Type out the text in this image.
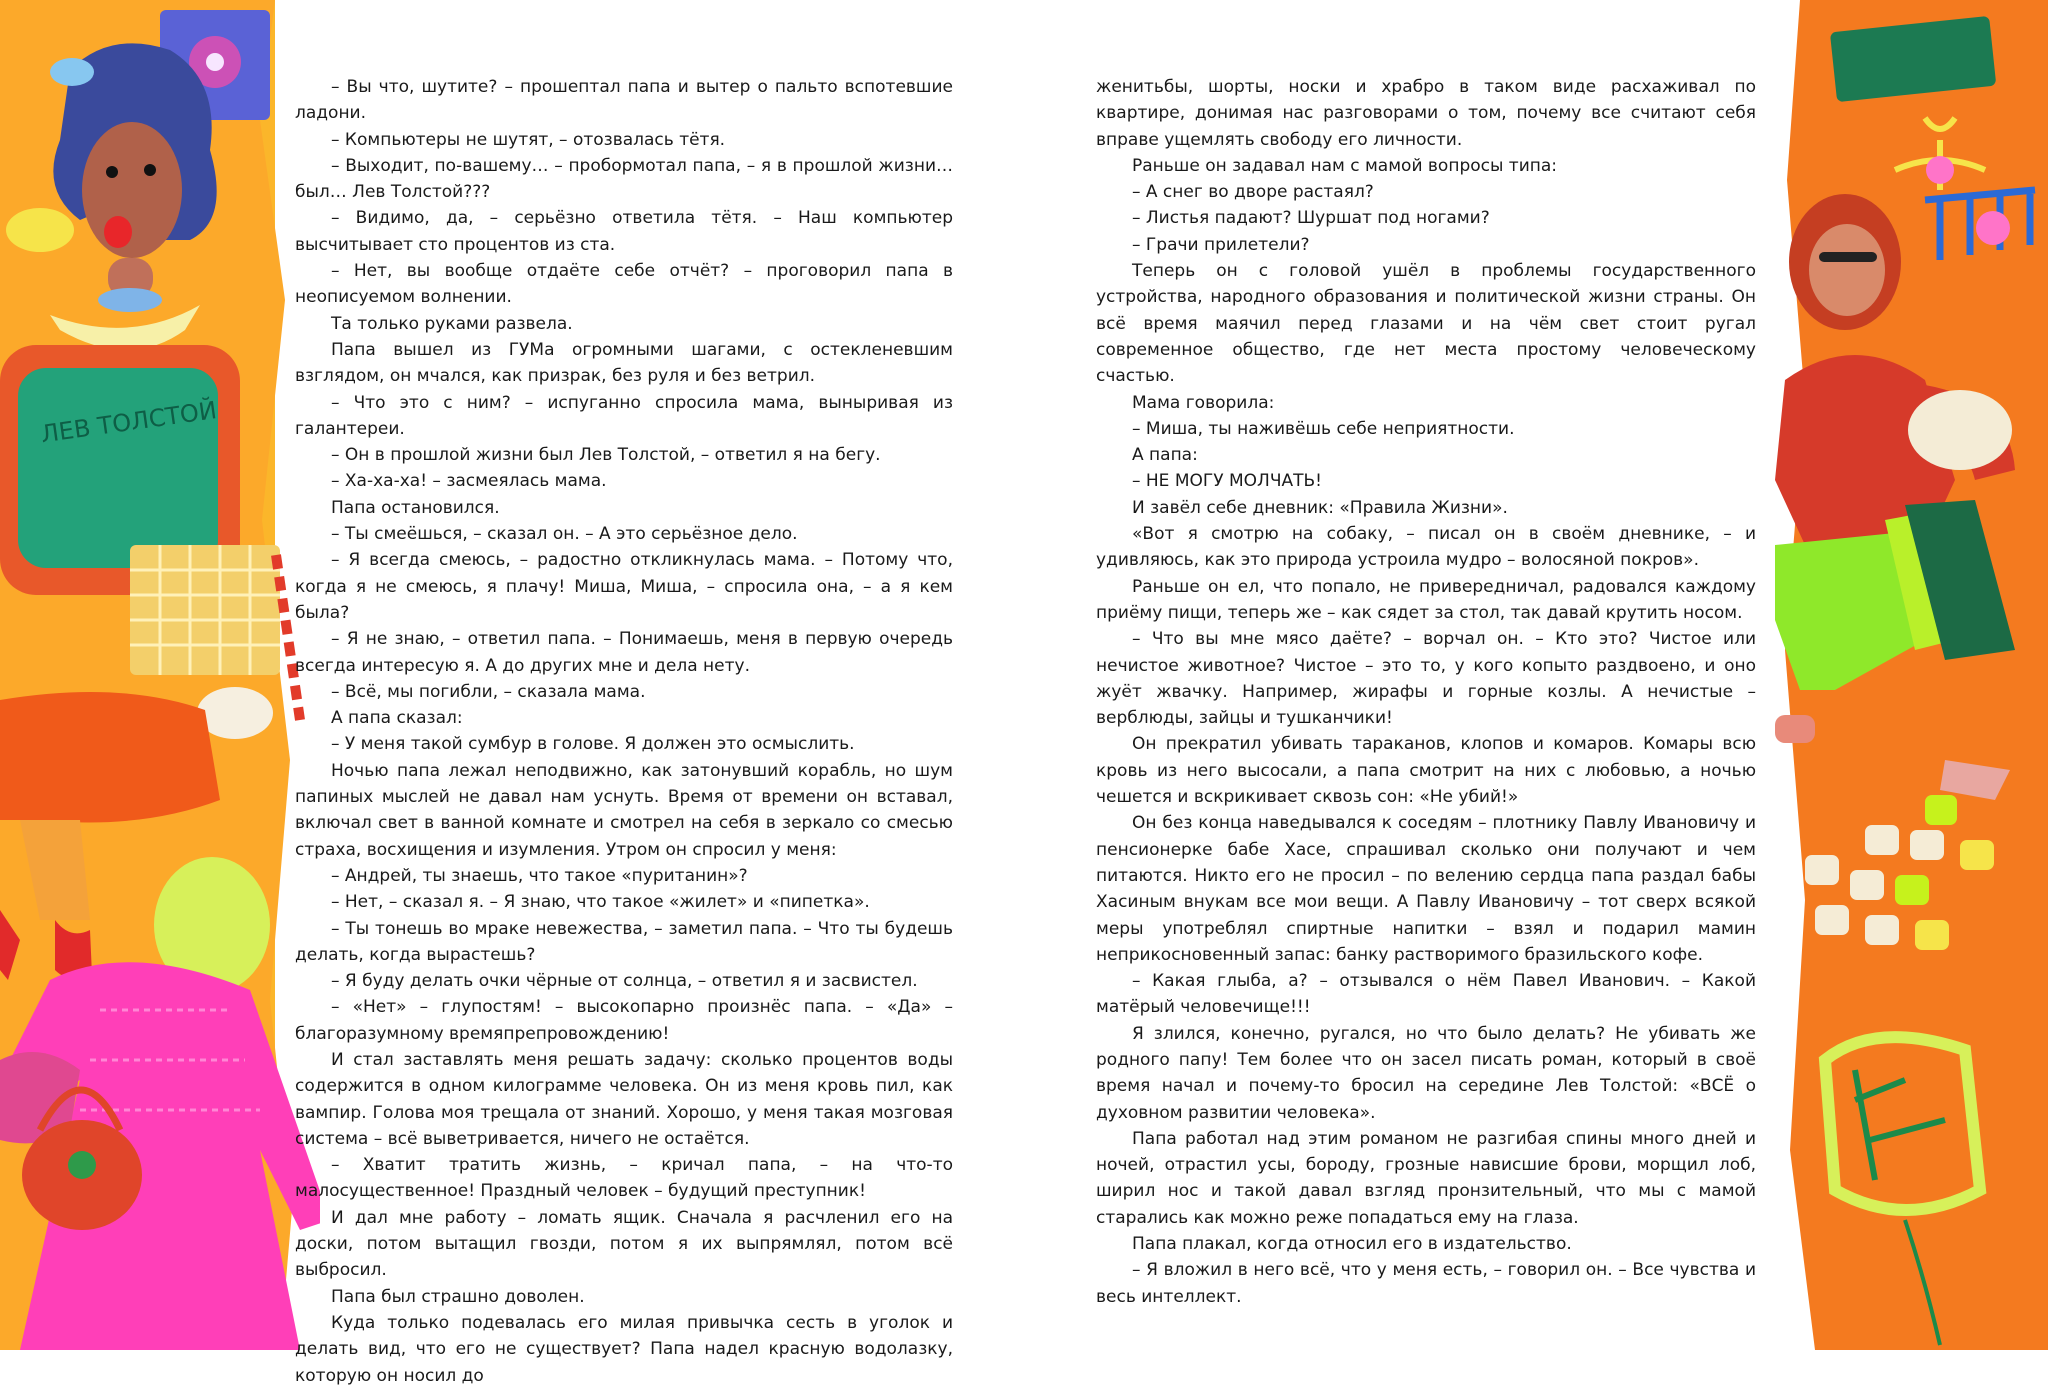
ЛЕВ ТОЛСТОЙ

– Вы что, шутите? – прошептал папа и вытер о пальто вспотевшие ладони.

– Компьютеры не шутят, – отозвалась тётя.

– Выходит, по-вашему… – пробормотал папа, – я в прошлой жизни… был… Лев Толстой???

– Видимо, да, – серьёзно ответила тётя. – Наш компьютер высчитывает сто процентов из ста.

– Нет, вы вообще отдаёте себе отчёт? – проговорил папа в неописуемом волнении.

Та только руками развела.

Папа вышел из ГУМа огромными шагами, с остекленевшим взглядом, он мчался, как призрак, без руля и без ветрил.

– Что это с ним? – испуганно спросила мама, выныривая из галантереи.

– Он в прошлой жизни был Лев Толстой, – ответил я на бегу.

– Ха-ха-ха! – засмеялась мама.

Папа остановился.

– Ты смеёшься, – сказал он. – А это серьёзное дело.

– Я всегда смеюсь, – радостно откликнулась мама. – Потому что, когда я не смеюсь, я плачу! Миша, Миша, – спросила она, – а я кем была?

– Я не знаю, – ответил папа. – Понимаешь, меня в первую очередь всегда интересую я. А до других мне и дела нету.

– Всё, мы погибли, – сказала мама.

А папа сказал:

– У меня такой сумбур в голове. Я должен это осмыслить.

Ночью папа лежал неподвижно, как затонувший корабль, но шум папиных мыслей не давал нам уснуть. Время от времени он вставал, включал свет в ванной комнате и смотрел на себя в зеркало со смесью страха, восхищения и изумления. Утром он спросил у меня:

– Андрей, ты знаешь, что такое «пуританин»?

– Нет, – сказал я. – Я знаю, что такое «жилет» и «пипетка».

– Ты тонешь во мраке невежества, – заметил папа. – Что ты будешь делать, когда вырастешь?

– Я буду делать очки чёрные от солнца, – ответил я и засвистел.

– «Нет» – глупостям! – высокопарно произнёс папа. – «Да» – благоразумному времяпрепровождению!

И стал заставлять меня решать задачу: сколько процентов воды содержится в одном килограмме человека. Он из меня кровь пил, как вампир. Голова моя трещала от знаний. Хорошо, у меня такая мозговая система – всё выветривается, ничего не остаётся.

– Хватит тратить жизнь, – кричал папа, – на что-то малосущественное! Праздный человек – будущий преступник!

И дал мне работу – ломать ящик. Сначала я расчленил его на доски, потом вытащил гвозди, потом я их выпрямлял, потом всё выбросил.

Папа был страшно доволен.

Куда только подевалась его милая привычка сесть в уголок и делать вид, что его не существует? Папа надел красную водолазку, которую он носил до

женитьбы, шорты, носки и храбро в таком виде расхаживал по квартире, донимая нас разговорами о том, почему все считают себя вправе ущемлять свободу его личности.

Раньше он задавал нам с мамой вопросы типа:

– А снег во дворе растаял?

– Листья падают? Шуршат под ногами?

– Грачи прилетели?

Теперь он с головой ушёл в проблемы государственного устройства, народного образования и политической жизни страны. Он всё время маячил перед глазами и на чём свет стоит ругал современное общество, где нет места простому человеческому счастью.

Мама говорила:

– Миша, ты наживёшь себе неприятности.

А папа:

– НЕ МОГУ МОЛЧАТЬ!

И завёл себе дневник: «Правила Жизни».

«Вот я смотрю на собаку, – писал он в своём дневнике, – и удивляюсь, как это природа устроила мудро – волосяной покров».

Раньше он ел, что попало, не привередничал, радовался каждому приёму пищи, теперь же – как сядет за стол, так давай крутить носом.

– Что вы мне мясо даёте? – ворчал он. – Кто это? Чистое или нечистое животное? Чистое – это то, у кого копыто раздвоено, и оно жуёт жвачку. Например, жирафы и горные козлы. А нечистые – верблюды, зайцы и тушканчики!

Он прекратил убивать тараканов, клопов и комаров. Комары всю кровь из него высосали, а папа смотрит на них с любовью, а ночью чешется и вскрикивает сквозь сон: «Не убий!»

Он без конца наведывался к соседям – плотнику Павлу Ивановичу и пенсионерке бабе Хасе, спрашивал сколько они получают и чем питаются. Никто его не просил – по велению сердца папа раздал бабы Хасиным внукам все мои вещи. А Павлу Ивановичу – тот сверх всякой меры употреблял спиртные напитки – взял и подарил мамин неприкосновенный запас: банку растворимого бразильского кофе.

– Какая глыба, а? – отзывался о нём Павел Иванович. – Какой матёрый человечище!!!

Я злился, конечно, ругался, но что было делать? Не убивать же родного папу! Тем более что он засел писать роман, который в своё время начал и почему-то бросил на середине Лев Толстой: «ВСЁ о духовном развитии человека».

Папа работал над этим романом не разгибая спины много дней и ночей, отрастил усы, бороду, грозные нависшие брови, морщил лоб, ширил нос и такой давал взгляд пронзительный, что мы с мамой старались как можно реже попадаться ему на глаза.

Папа плакал, когда относил его в издательство.

– Я вложил в него всё, что у меня есть, – говорил он. – Все чувства и весь интеллект.
